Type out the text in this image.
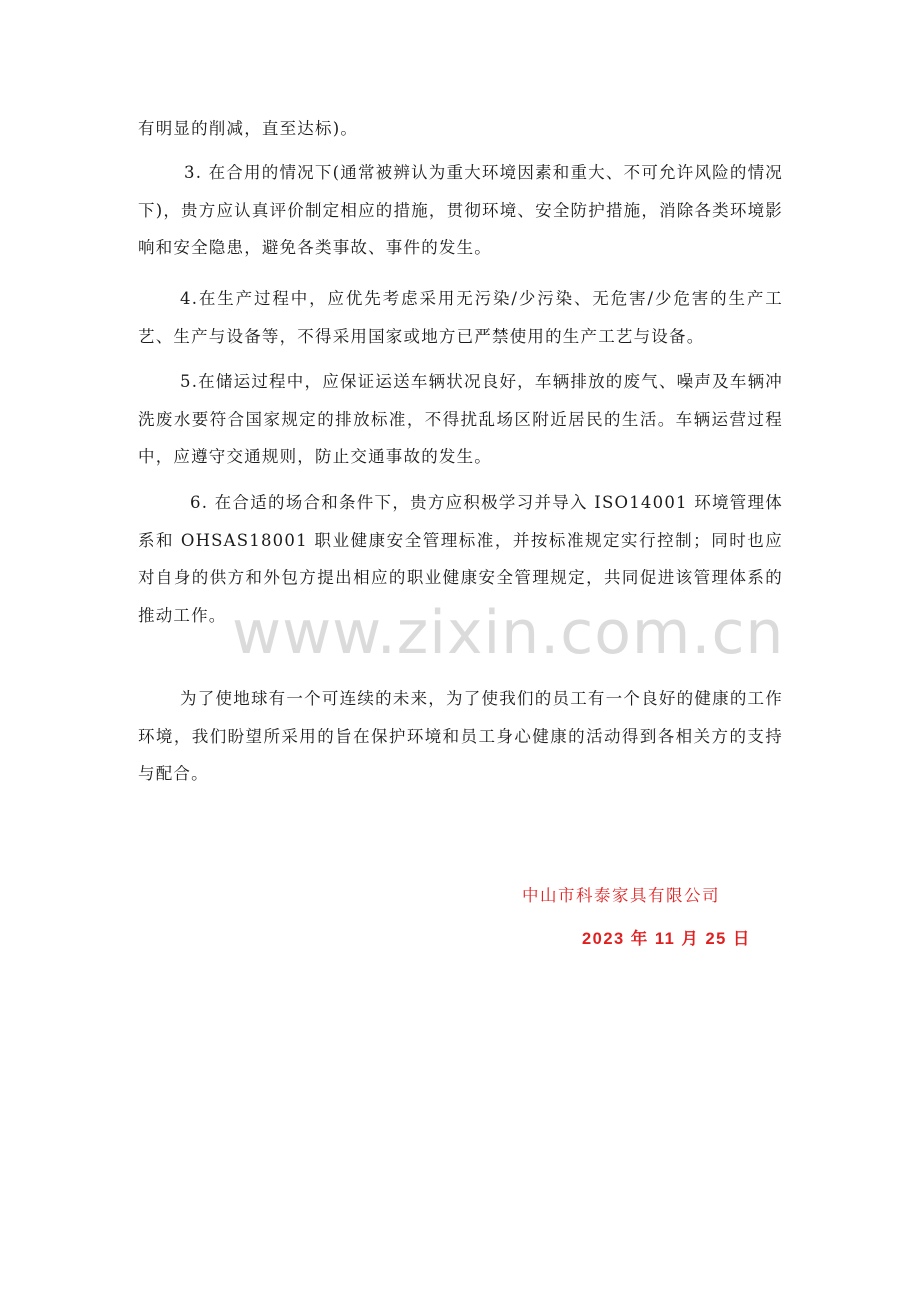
有明显的削减，直至达标)。

3. 在合用的情况下(通常被辨认为重大环境因素和重大、不可允许风险的情况下)，贵方应认真评价制定相应的措施，贯彻环境、安全防护措施，消除各类环境影响和安全隐患，避免各类事故、事件的发生。

4.在生产过程中，应优先考虑采用无污染/少污染、无危害/少危害的生产工艺、生产与设备等，不得采用国家或地方已严禁使用的生产工艺与设备。

5.在储运过程中，应保证运送车辆状况良好，车辆排放的废气、噪声及车辆冲洗废水要符合国家规定的排放标准，不得扰乱场区附近居民的生活。车辆运营过程中，应遵守交通规则，防止交通事故的发生。

6. 在合适的场合和条件下，贵方应积极学习并导入 ISO14001 环境管理体系和 OHSAS18001 职业健康安全管理标准，并按标准规定实行控制；同时也应对自身的供方和外包方提出相应的职业健康安全管理规定，共同促进该管理体系的推动工作。

为了使地球有一个可连续的未来，为了使我们的员工有一个良好的健康的工作环境，我们盼望所采用的旨在保护环境和员工身心健康的活动得到各相关方的支持与配合。

www.zixin.com.cn
中山市科泰家具有限公司
2023 年 11 月 25 日
